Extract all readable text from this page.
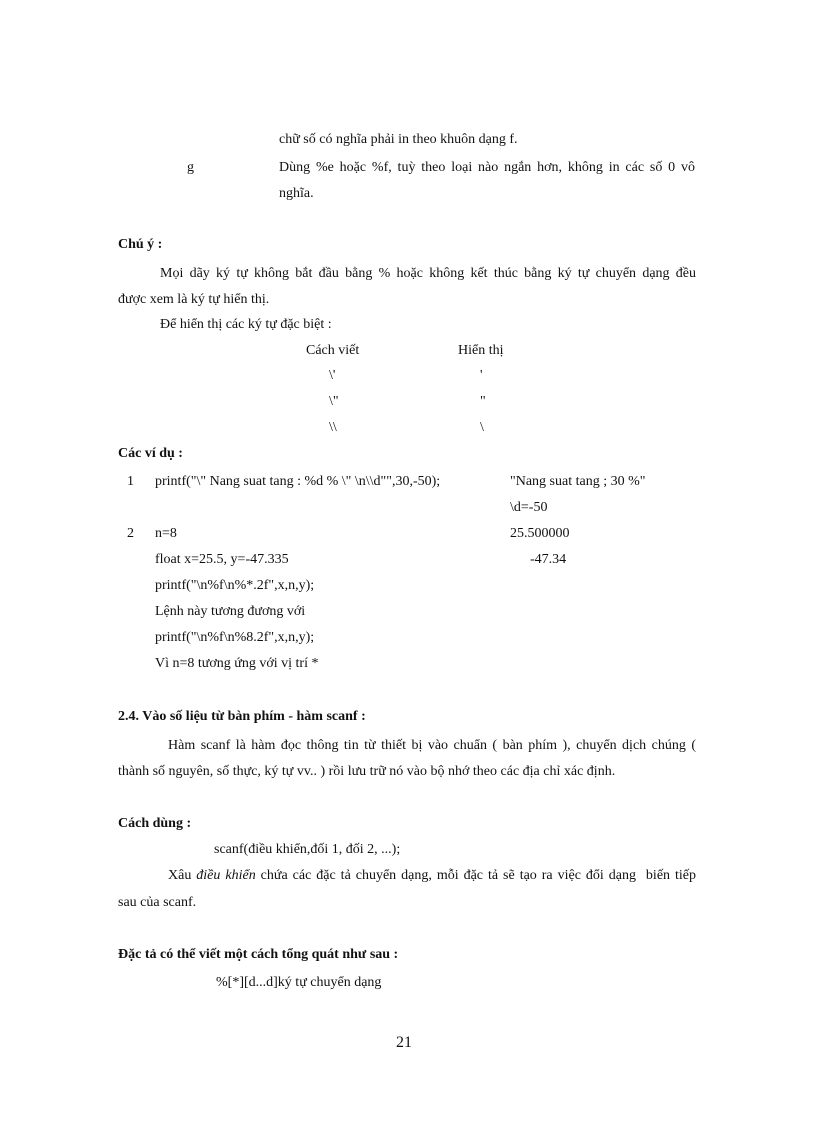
chữ số có nghĩa phải in theo khuôn dạng f.
g	Dùng %e hoặc %f, tuỳ theo loại nào ngắn hơn, không in các số 0 vô
nghĩa.
Chú ý :
Mọi dãy ký tự không bắt đầu bằng % hoặc không kết thúc bằng ký tự chuyển dạng đều
được xem là ký tự hiển thị.
Để hiển thị các ký tự đặc biệt :
Cách viết	Hiển thị
\'	'
\"	"
\\	\
Các ví dụ :
1 printf("\" Nang suat tang : %d % \" \n\\d"",30,-50);	"Nang suat tang ; 30 %"
\d=-50
2 n=8	25.500000
float x=25.5, y=-47.335	-47.34
printf("\n%f\n%*.2f",x,n,y);
Lệnh này tương đương với
printf("\n%f\n%8.2f",x,n,y);
Vì n=8 tương ứng với vị trí *
2.4. Vào số liệu từ bàn phím - hàm scanf :
Hàm scanf là hàm đọc thông tin từ thiết bị vào chuẩn ( bàn phím ), chuyển dịch chúng (
thành số nguyên, số thực, ký tự vv.. ) rồi lưu trữ nó vào bộ nhớ theo các địa chỉ xác định.
Cách dùng :
scanf(điều khiển,đối 1, đối 2, ...);
Xâu điều khiển chứa các đặc tả chuyển dạng, mỗi đặc tả sẽ tạo ra việc đổi dạng  biến tiếp
sau của scanf.
Đặc tả có thể viết một cách tổng quát như sau :
%[*][d...d]ký tự chuyển dạng
21
